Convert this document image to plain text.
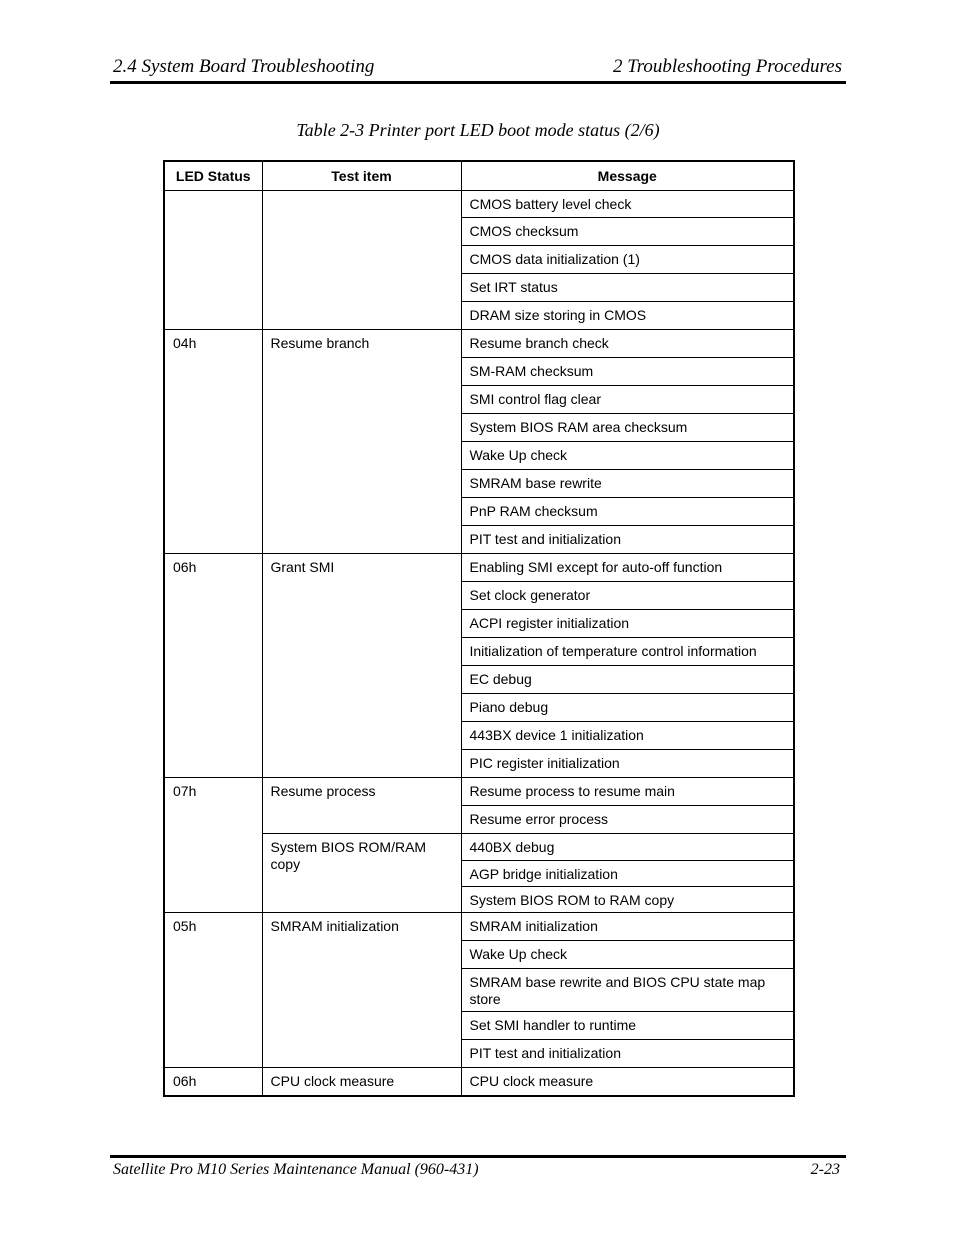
2.4 System Board Troubleshooting	2 Troubleshooting Procedures
Table 2-3 Printer port LED boot mode status (2/6)
LED Status	Test item	Message
		CMOS battery level check
		CMOS checksum
		CMOS data initialization (1)
		Set IRT status
		DRAM size storing in CMOS
04h	Resume branch	Resume branch check
		SM-RAM checksum
		SMI control flag clear
		System BIOS RAM area checksum
		Wake Up check
		SMRAM base rewrite
		PnP RAM checksum
		PIT test and initialization
06h	Grant SMI	Enabling SMI except for auto-off function
		Set clock generator
		ACPI register initialization
		Initialization of temperature control information
		EC debug
		Piano debug
		443BX device 1 initialization
		PIC register initialization
07h	Resume process	Resume process to resume main
		Resume error process
	System BIOS ROM/RAM copy	440BX debug
		AGP bridge initialization
		System BIOS ROM to RAM copy
05h	SMRAM initialization	SMRAM initialization
		Wake Up check
		SMRAM base rewrite and BIOS CPU state map store
		Set SMI handler to runtime
		PIT test and initialization
06h	CPU clock measure	CPU clock measure
Satellite Pro M10 Series Maintenance Manual (960-431)	2-23
